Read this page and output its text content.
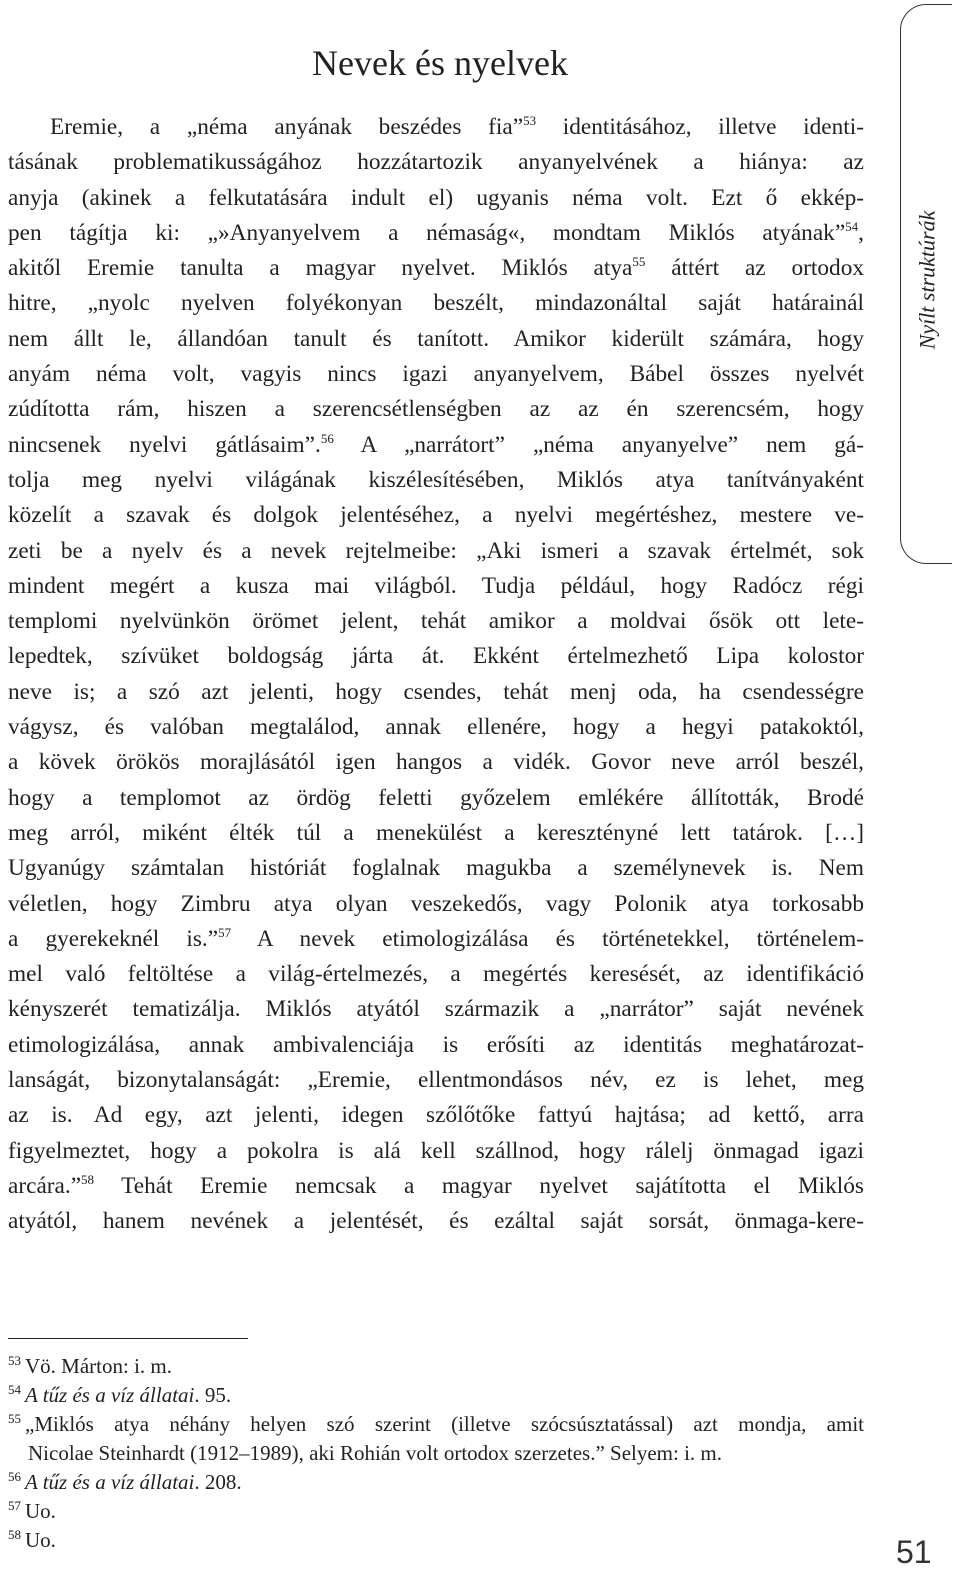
Nevek és nyelvek
Eremie, a „néma anyának beszédes fia”$^{53}$ identitásához, illetve identi-
tásának problematikusságához hozzátartozik anyanyelvének a hiánya: az
anyja (akinek a felkutatására indult el) ugyanis néma volt. Ezt ő ekkép-
pen tágítja ki: „»Anyanyelvem a némaság«, mondtam Miklós atyának”$^{54}$,
akitől Eremie tanulta a magyar nyelvet. Miklós atya$^{55}$ áttért az ortodox
hitre, „nyolc nyelven folyékonyan beszélt, mindazonáltal saját határainál
nem állt le, állandóan tanult és tanított. Amikor kiderült számára, hogy
anyám néma volt, vagyis nincs igazi anyanyelvem, Bábel összes nyelvét
zúdította rám, hiszen a szerencsétlenségben az az én szerencsém, hogy
nincsenek nyelvi gátlásaim”.$^{56}$ A „narrátort” „néma anyanyelve” nem gá-
tolja meg nyelvi világának kiszélesítésében, Miklós atya tanítványaként
közelít a szavak és dolgok jelentéséhez, a nyelvi megértéshez, mestere ve-
zeti be a nyelv és a nevek rejtelmeibe: „Aki ismeri a szavak értelmét, sok
mindent megért a kusza mai világból. Tudja például, hogy Radócz régi
templomi nyelvünkön örömet jelent, tehát amikor a moldvai ősök ott lete-
lepedtek, szívüket boldogság járta át. Ekként értelmezhető Lipa kolostor
neve is; a szó azt jelenti, hogy csendes, tehát menj oda, ha csendességre
vágysz, és valóban megtalálod, annak ellenére, hogy a hegyi patakoktól,
a kövek örökös morajlásától igen hangos a vidék. Govor neve arról beszél,
hogy a templomot az ördög feletti győzelem emlékére állították, Brodé
meg arról, miként élték túl a menekülést a keresztényné lett tatárok. […]
Ugyanúgy számtalan históriát foglalnak magukba a személynevek is. Nem
véletlen, hogy Zimbru atya olyan veszekedős, vagy Polonik atya torkosabb
a gyerekeknél is.”$^{57}$ A nevek etimologizálása és történetekkel, történelem-
mel való feltöltése a világ-értelmezés, a megértés keresését, az identifikáció
kényszerét tematizálja. Miklós atyától származik a „narrátor” saját nevének
etimologizálása, annak ambivalenciája is erősíti az identitás meghatározat-
lanságát, bizonytalanságát: „Eremie, ellentmondásos név, ez is lehet, meg
az is. Ad egy, azt jelenti, idegen szőlőtőke fattyú hajtása; ad kettő, arra
figyelmeztet, hogy a pokolra is alá kell szállnod, hogy rálelj önmagad igazi
arcára.”$^{58}$ Tehát Eremie nemcsak a magyar nyelvet sajátította el Miklós
atyától, hanem nevének a jelentését, és ezáltal saját sorsát, önmaga-kere-
$^{53}$ Vö. Márton: i. m.
$^{54}$ A tűz és a víz állatai. 95.
$^{55}$ „Miklós atya néhány helyen szó szerint (illetve szócsúsztatással) azt mondja, amit
Nicolae Steinhardt (1912–1989), aki Rohián volt ortodox szerzetes.” Selyem: i. m.
$^{56}$ A tűz és a víz állatai. 208.
$^{57}$ Uo.
$^{58}$ Uo.
Nyílt struktúrák
51
